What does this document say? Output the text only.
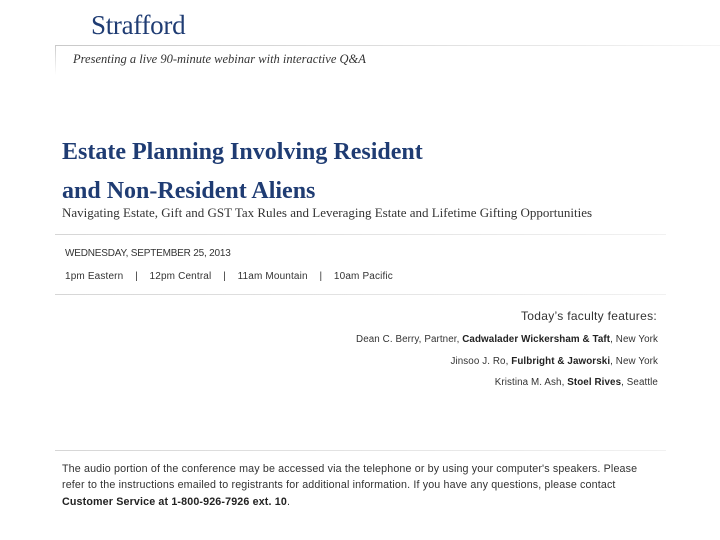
Strafford
Presenting a live 90-minute webinar with interactive Q&A
Estate Planning Involving Resident
and Non-Resident Aliens
Navigating Estate, Gift and GST Tax Rules and Leveraging Estate and Lifetime Gifting Opportunities
WEDNESDAY, SEPTEMBER 25, 2013
1pm Eastern | 12pm Central | 11am Mountain | 10am Pacific
Today’s faculty features:
Dean C. Berry, Partner, Cadwalader Wickersham & Taft, New York
Jinsoo J. Ro, Fulbright & Jaworski, New York
Kristina M. Ash, Stoel Rives, Seattle
The audio portion of the conference may be accessed via the telephone or by using your computer's speakers. Please refer to the instructions emailed to registrants for additional information. If you have any questions, please contact Customer Service at 1-800-926-7926 ext. 10.
